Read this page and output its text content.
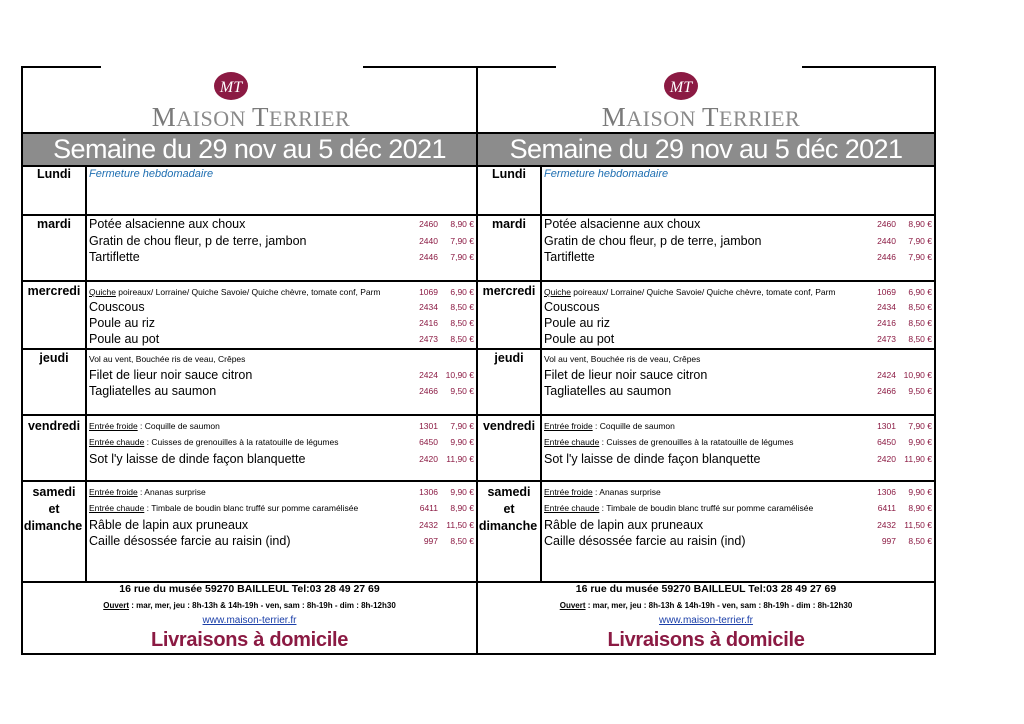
MT
MAISON TERRIER
Semaine du 29 nov au 5 déc 2021
Lundi	Fermeture hebdomadaire
mardi	Potée alsacienne aux choux	2460 8,90 €
Gratin de chou fleur, p de terre, jambon	2440 7,90 €
Tartiflette	2446 7,90 €
mercredi	Quiche poireaux/ Lorraine/ Quiche Savoie/ Quiche chèvre, tomate conf, Parm	1069 6,90 €
Couscous	2434 8,50 €
Poule au riz	2416 8,50 €
Poule au pot	2473 8,50 €
jeudi	Vol au vent, Bouchée ris de veau, Crêpes
Filet de lieur noir sauce citron	2424 10,90 €
Tagliatelles au saumon	2466 9,50 €
vendredi	Entrée froide : Coquille de saumon	1301 7,90 €
Entrée chaude : Cuisses de grenouilles à la ratatouille de légumes	6450 9,90 €
Sot l'y laisse de dinde façon blanquette	2420 11,90 €
samedi
et
dimanche
Entrée froide : Ananas surprise	1306 9,90 €
Entrée chaude : Timbale de boudin blanc truffé sur pomme caramélisée	6411 8,90 €
Râble de lapin aux pruneaux	2432 11,50 €
Caille désossée farcie au raisin (ind)	997 8,50 €
16 rue du musée 59270 BAILLEUL Tel:03 28 49 27 69
Ouvert : mar, mer, jeu : 8h-13h & 14h-19h - ven, sam : 8h-19h - dim : 8h-12h30
www.maison-terrier.fr
Livraisons à domicile
MT
MAISON TERRIER
Semaine du 29 nov au 5 déc 2021
Lundi	Fermeture hebdomadaire
mardi	Potée alsacienne aux choux	2460 8,90 €
Gratin de chou fleur, p de terre, jambon	2440 7,90 €
Tartiflette	2446 7,90 €
mercredi	Quiche poireaux/ Lorraine/ Quiche Savoie/ Quiche chèvre, tomate conf, Parm	1069 6,90 €
Couscous	2434 8,50 €
Poule au riz	2416 8,50 €
Poule au pot	2473 8,50 €
jeudi	Vol au vent, Bouchée ris de veau, Crêpes
Filet de lieur noir sauce citron	2424 10,90 €
Tagliatelles au saumon	2466 9,50 €
vendredi	Entrée froide : Coquille de saumon	1301 7,90 €
Entrée chaude : Cuisses de grenouilles à la ratatouille de légumes	6450 9,90 €
Sot l'y laisse de dinde façon blanquette	2420 11,90 €
samedi
et
dimanche
Entrée froide : Ananas surprise	1306 9,90 €
Entrée chaude : Timbale de boudin blanc truffé sur pomme caramélisée	6411 8,90 €
Râble de lapin aux pruneaux	2432 11,50 €
Caille désossée farcie au raisin (ind)	997 8,50 €
16 rue du musée 59270 BAILLEUL Tel:03 28 49 27 69
Ouvert : mar, mer, jeu : 8h-13h & 14h-19h - ven, sam : 8h-19h - dim : 8h-12h30
www.maison-terrier.fr
Livraisons à domicile
